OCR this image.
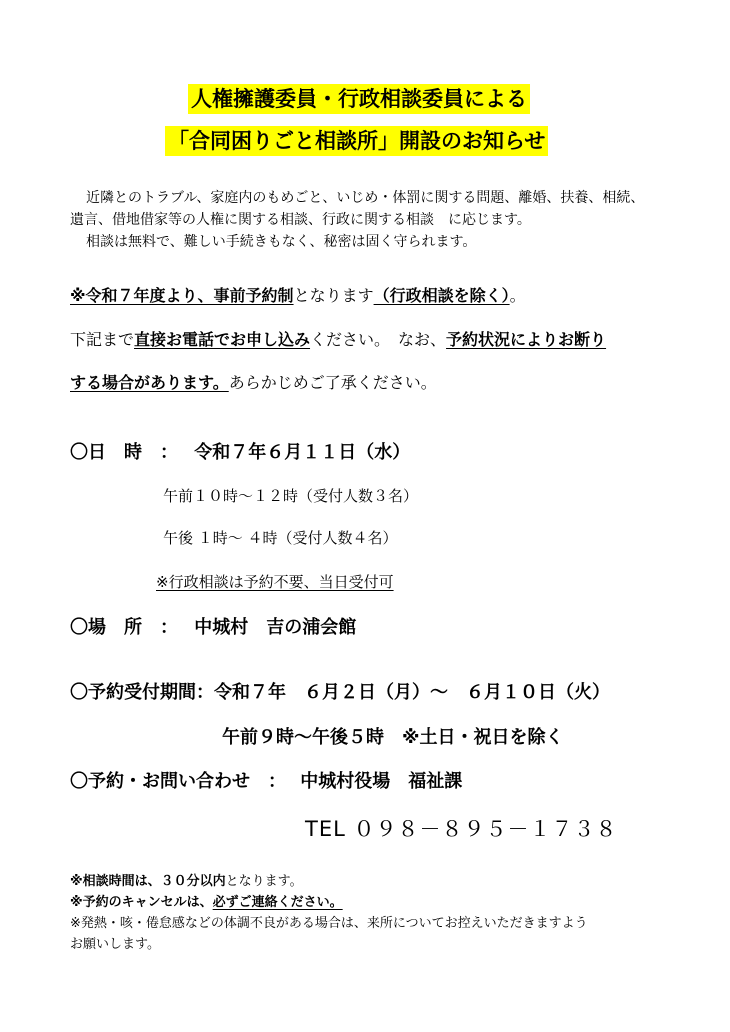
人権擁護委員・行政相談委員による
「合同困りごと相談所」開設のお知らせ
近隣とのトラブル、家庭内のもめごと、いじめ・体罰に関する問題、離婚、扶養、相続、
遺言、借地借家等の人権に関する相談、行政に関する相談　に応じます。
相談は無料で、難しい手続きもなく、秘密は固く守られます。
※令和７年度より、事前予約制となります（行政相談を除く）。
下記まで直接お電話でお申し込みください。　なお、予約状況によりお断り
する場合があります。あらかじめご了承ください。
〇日　時　： 令和７年６月１１日（水）
午前１０時～１２時（受付人数３名）
午後 １時～ ４時（受付人数４名）
※行政相談は予約不要、当日受付可
〇場　所　： 中城村　吉の浦会館
〇予約受付期間：令和７年　６月２日（月）～　６月１０日（火）
午前９時～午後５時　※土日・祝日を除く
〇予約・お問い合わせ　： 中城村役場　福祉課
TEL ０９８－８９５－１７３８
※相談時間は、３０分以内となります。
※予約のキャンセルは、必ずご連絡ください。
※発熱・咳・倦怠感などの体調不良がある場合は、来所についてお控えいただきますよう
お願いします。
